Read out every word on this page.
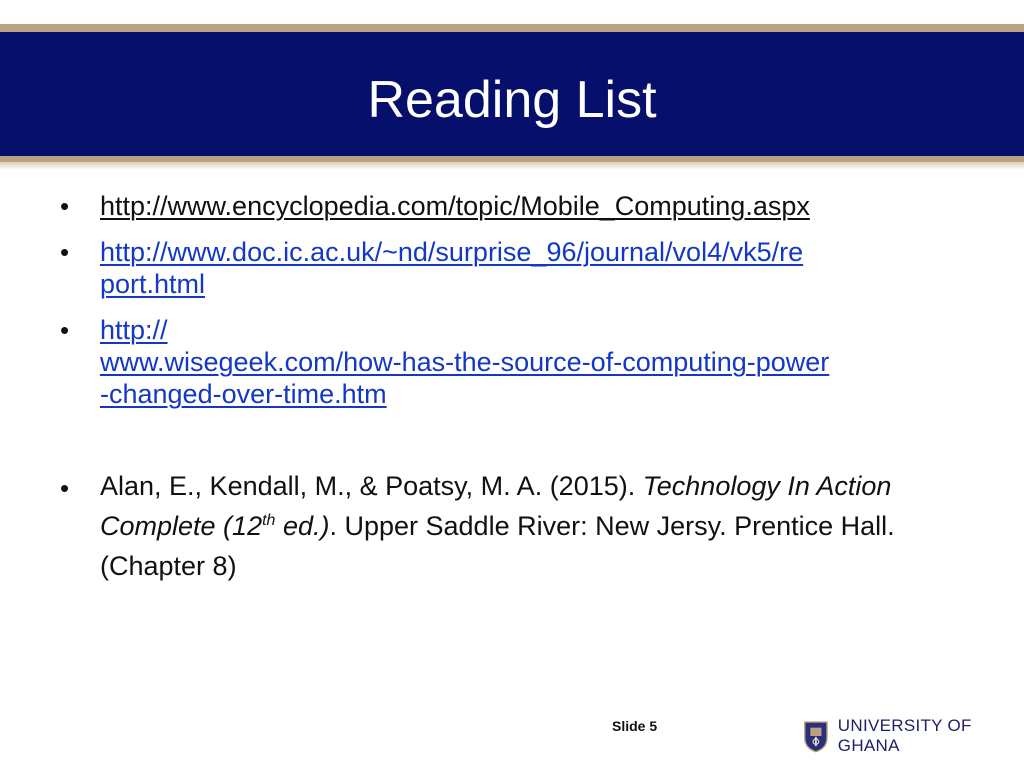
Reading List
•	http://www.encyclopedia.com/topic/Mobile_Computing.aspx
•	http://www.doc.ic.ac.uk/~nd/surprise_96/journal/vol4/vk5/re
port.html
•	http://
www.wisegeek.com/how-has-the-source-of-computing-power
-changed-over-time.htm
•	Alan, E., Kendall, M., & Poatsy, M. A. (2015). Technology In Action Complete (12th ed.). Upper Saddle River: New Jersy. Prentice Hall. (Chapter 8)
Slide 5	UNIVERSITY OF GHANA
